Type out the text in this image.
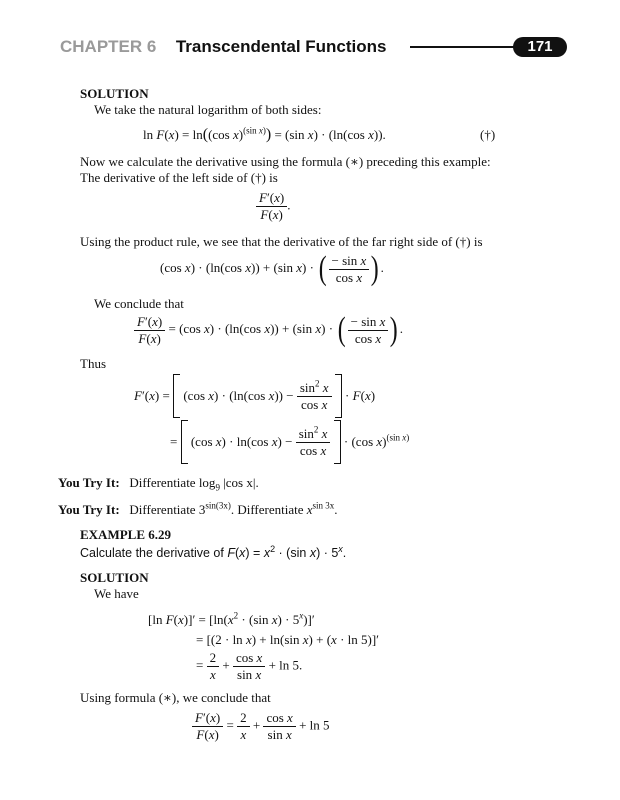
CHAPTER 6 Transcendental Functions	171
SOLUTION
We take the natural logarithm of both sides:
ln F(x) = ln((cos x)$^{(sin x)}$) = (sin x) · (ln(cos x)).	(†)
Now we calculate the derivative using the formula (∗) preceding this example:
The derivative of the left side of (†) is
$\frac{F'(x)}{F(x)}$ .
Using the product rule, we see that the derivative of the far right side of (†) is
(cos x) · (ln(cos x)) + (sin x) · ( $\frac{\text{− sin x}}{\text{cos x}}$ ) .
We conclude that
$\frac{F'(x)}{F(x)} = (\cos$ x) · (ln(cos x)) + (sin x) · ( $\frac{\text{− sin x}}{\text{cos x}}$ ) .
Thus
F′(x) = (cos x) · (ln(cos $x)) - \frac{\sin^2 x}{\text{cos x}} \cdot F(x)$
= (cos x) · ln(cos $x) - \frac{\sin^2 x}{\text{cos x}} \cdot (\cos$ x)$^{(sin x)}$
You Try It: Differentiate $\log_9 |\cos$ x|.
You Try It: Differentiate $3^{sin(3x)}$. Differentiate $x^{sin 3x}$.
EXAMPLE 6.29
Calculate the derivative of $F(x) = x^2 \cdot (\sin$ $x) \cdot 5^x$.
SOLUTION
We have
[ln $F(x)]' = [\ln(x^2 \cdot (\sin$ $x) \cdot 5^x)]'$
= [(2 · ln x) + ln(sin x) + (x · ln 5)]′
= $\frac{2}{x} + \frac{\text{cos x}}{\text{sin x}} + \ln 5$.
Using formula (∗), we conclude that
$\frac{F'(x)}{F(x)} = \frac{2}{x} + \frac{\text{cos x}}{\text{sin x}} + \ln 5$
